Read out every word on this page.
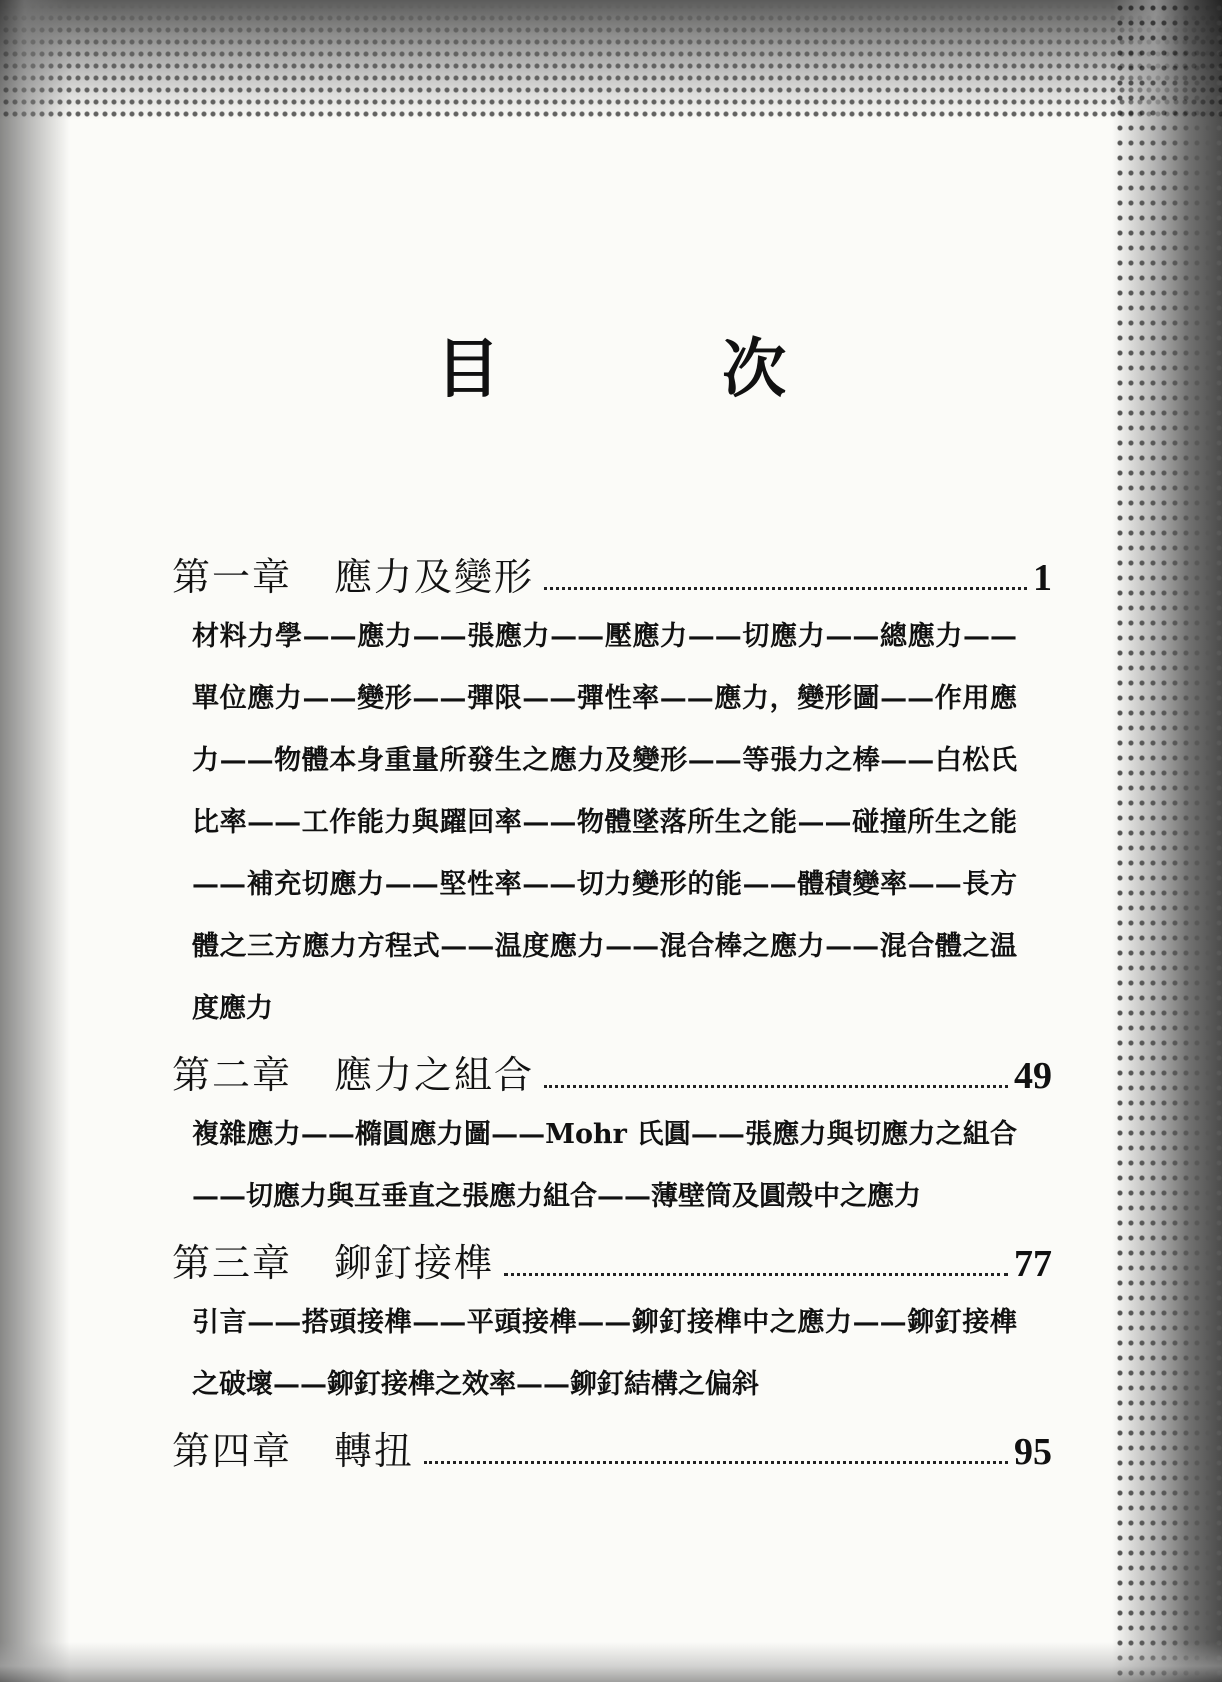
目 次
第一章	應力及變形	1
材料力學——應力——張應力——壓應力——切應力——總應力——單位應力——變形——彈限——彈性率——應力，變形圖——作用應力——物體本身重量所發生之應力及變形——等張力之棒——白松氏比率——工作能力與躍回率——物體墜落所生之能——碰撞所生之能——補充切應力——堅性率——切力變形的能——體積變率——長方體之三方應力方程式——温度應力——混合棒之應力——混合體之温度應力
第二章	應力之組合	49
複雜應力——橢圓應力圖——Mohr 氏圓——張應力與切應力之組合——切應力與互垂直之張應力組合——薄壁筒及圓殼中之應力
第三章	鉚釘接榫	77
引言——搭頭接榫——平頭接榫——鉚釘接榫中之應力——鉚釘接榫之破壞——鉚釘接榫之效率——鉚釘結構之偏斜
第四章	轉扭	95
